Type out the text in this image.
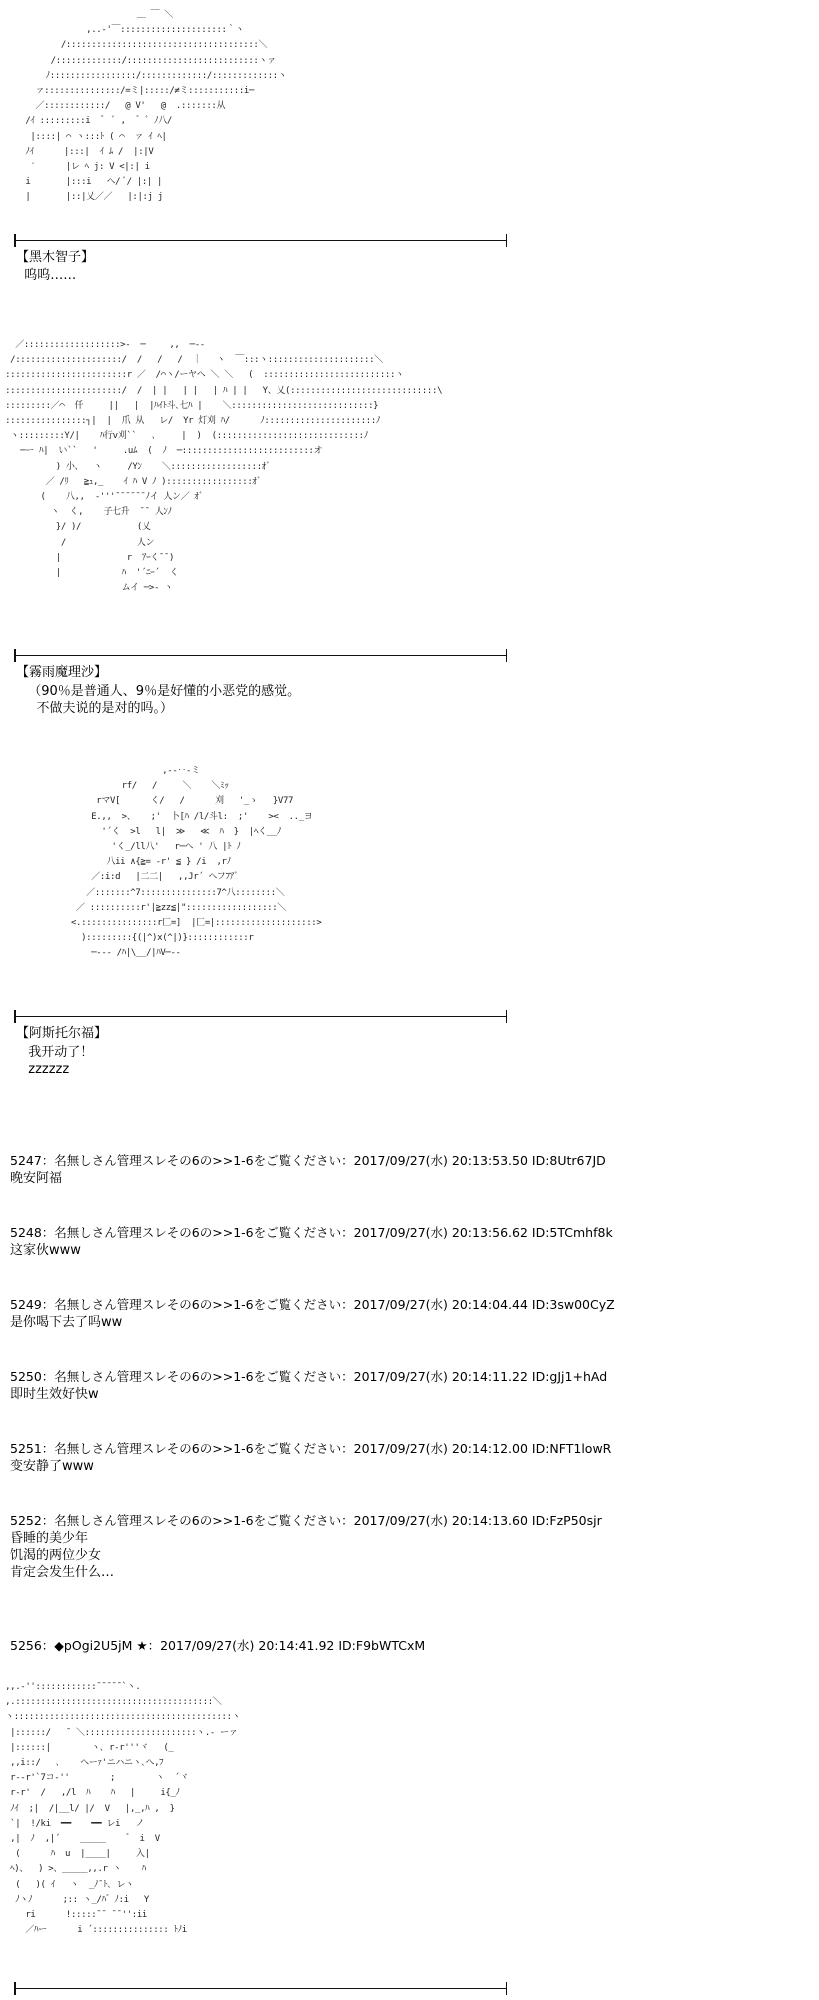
＿ ￣ ＼
,..-'￣:::::::::::::::::::::｀ヽ
/::::::::::::::::::::::::::::::::::::::＼
/:::::::::::::/::::::::::::::::::::::::::ヽァ
ﾉ:::::::::::::::::/:::::::::::::/:::::::::::::ヽ
ァ:::::::::::::::/=ミ|:::::/≠ミ:::::::::::i─
／::::::::::::/   @ V'   @  .:::::::从
/ｲ :::::::::i  ゛ ﾞ ,  ゛ﾞ ﾉ八/
|::::| ⌒ ヽ:::ﾄ ( ⌒  ァ ｲ ﾍ|
ﾉｲ      |:::|  ｲ ﾑ /  |:|V
′      |レ ﾍ j: V <|:| i
i       |:::i   ヘ/ ﾞ/ |:| |
|       |::|乂／／   |:|:j j
【黑木智子】
呜呜……
／:::::::::::::::::::>-  ─  　 ,,  ─--
/:::::::::::::::::::::/  /   /   /  ｜   ヽ  ￣:::ヽ:::::::::::::::::::::＼
::::::::::::::::::::::::r ／  /⌒ヽ/ーヤヘ ＼ ＼   (  ::::::::::::::::::::::::::ヽ
:::::::::::::::::::::::/  /  | |   | |   | ﾊ | |   Y、乂(:::::::::::::::::::::::::::::\
:::::::::／⌒  仟     ||   |  |ﾊｲﾄ斗､七ﾊ |    ＼::::::::::::::::::::::::::::}
::::::::::::::::┐|  |  爪 从   レ/  Yr 灯刈 ﾊ/      ﾉ::::::::::::::::::::::ﾉ
ヽ:::::::::Y/|    ﾊ行v刈``   ､     |  )  (:::::::::::::::::::::::::::::ﾉ
─ー ﾊ|  い``   '     .uﾑ  (  ﾉ  ─::::::::::::::::::::::::::オ
) 小、  ヽ     /Yﾝ    ＼::::::::::::::::::ｵﾞ
／ /ﾘ   ≧ｭ,_    ｲ ﾊ V ﾉ ):::::::::::::::::ｵﾞ
(    八,,  -'''¯¯¯¯¯¯ﾉイ 人ン／ ｵﾞ
ヽ  く,    子七升  ¯¯ 人ﾝﾉ
}/ )/           (乂
/              人ン
|             r  ｱｰく¯¯)
|            ﾊ  '´ﾆｰ´  く
ムイ ─>- ヽ
【霧雨魔理沙】
（90％是普通人、9％是好懂的小恶党的感觉。
不做夫说的是对的吗。）
,--‥-ミ
rf/   /     ＼    ＼ﾐｯ
rマV[      く/   /      刈   '_ゝ   }V77
E.,,  >、   ;'  卜[ﾊ /l/斗l:  ;'    ><  .._ヨ
'´く  >l   l|  ≫   ≪  ﾊ  }  |ﾍく__ﾉ
'く_/ll八'   r─ヘ ' 八 |ﾄ ﾉ
八ii ∧{≧= -r' ≦ } /i  ,rﾉ
／:i:d   |二二|   ,,Jr´ ヘフﾌｱﾞ
／:::::::^7:::::::::::::::7^八::::::::＼
／ ::::::::::r'|≧zz≦|"::::::::::::::::::＼
<.:::::::::::::::r匚=]  |匚=|::::::::::::::::::::>
):::::::::{(|^)x(^|)}::::::::::::r
─--- /ﾊ|\__/|ﾊV─--
【阿斯托尔福】
我开动了！
zzzzzz
5247：名無しさん管理スレその6の>>1-6をご覧ください：2017/09/27(水) 20:13:53.50 ID:8Utr67JD
晚安阿福
5248：名無しさん管理スレその6の>>1-6をご覧ください：2017/09/27(水) 20:13:56.62 ID:5TCmhf8k
这家伙www
5249：名無しさん管理スレその6の>>1-6をご覧ください：2017/09/27(水) 20:14:04.44 ID:3sw00CyZ
是你喝下去了吗ww
5250：名無しさん管理スレその6の>>1-6をご覧ください：2017/09/27(水) 20:14:11.22 ID:gJj1+hAd
即时生效好快w
5251：名無しさん管理スレその6の>>1-6をご覧ください：2017/09/27(水) 20:14:12.00 ID:NFT1lowR
变安静了www
5252：名無しさん管理スレその6の>>1-6をご覧ください：2017/09/27(水) 20:14:13.60 ID:FzP50sjr
昏睡的美少年
饥渴的两位少女
肯定会发生什么…
5256：◆pOgi2U5jM ★：2017/09/27(水) 20:14:41.92 ID:F9bWTCxM
,,.-''::::::::::::¯¯¯¯¯`ヽ.
,.:::::::::::::::::::::::::::::::::::::::＼
ヽ:::::::::::::::::::::::::::::::::::::::::::ヽ
|::::::/   ¯ ＼::::::::::::::::::::::ヽ.- ーァ
|::::::|        ヽ､ r-r'''ヾ   (_
,,i::/   ､    ヘーｧ'ニハニヽ､へ,ﾌ
r--r'`7コ-''        ;        ヽ  ´ヾ
r-r'  /   ,/l  ﾊ    ﾊ   |     i{_ﾉ
ﾉｲ  ;|  /|__l/ |/  V   |,_,ﾊ ,  }
`|  !/ki  ━━    ━━ レi   ノ
,|  ﾉ  ,|´    _____    ゛ i  V
(      ﾊ  u  |____|     入|
ﾍ)、  ) >、_____,,.r ヽ    ﾊ
(   )( ｲ   ヽ  _ﾉ¯ﾄ､ レヽ
ﾉヽﾉ      ;:: ヽ_/ﾊ゛ﾉ:i   Y
ri      !:::::¯¯ ¯¯'':ii
／ﾊー      i ´::::::::::::::: ﾄﾉi
